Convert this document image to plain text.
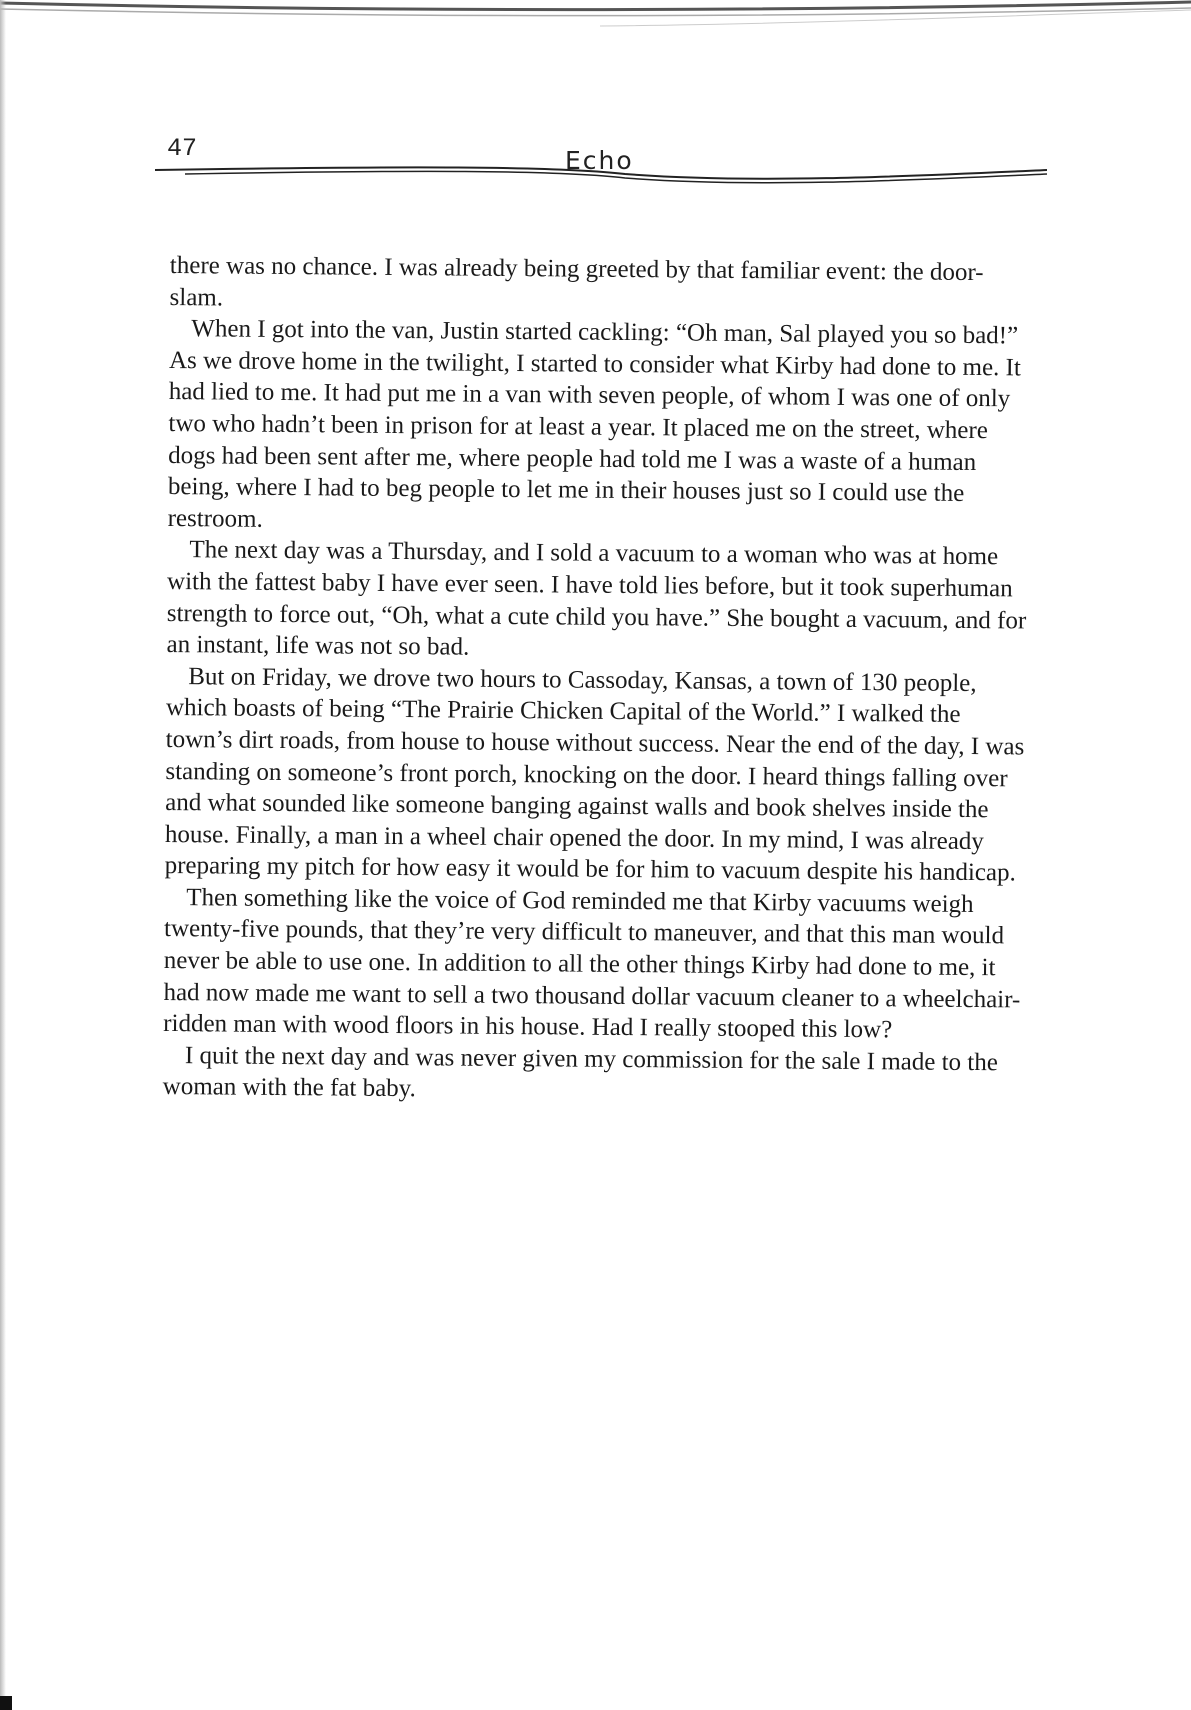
47	Echo

there was no chance. I was already being greeted by that familiar event: the door-slam.

When I got into the van, Justin started cackling: “Oh man, Sal played you so bad!” As we drove home in the twilight, I started to consider what Kirby had done to me. It had lied to me. It had put me in a van with seven people, of whom I was one of only two who hadn’t been in prison for at least a year. It placed me on the street, where dogs had been sent after me, where people had told me I was a waste of a human being, where I had to beg people to let me in their houses just so I could use the restroom.

The next day was a Thursday, and I sold a vacuum to a woman who was at home with the fattest baby I have ever seen. I have told lies before, but it took superhuman strength to force out, “Oh, what a cute child you have.” She bought a vacuum, and for an instant, life was not so bad.

But on Friday, we drove two hours to Cassoday, Kansas, a town of 130 people, which boasts of being “The Prairie Chicken Capital of the World.” I walked the town’s dirt roads, from house to house without success. Near the end of the day, I was standing on someone’s front porch, knocking on the door. I heard things falling over and what sounded like someone banging against walls and book shelves inside the house. Finally, a man in a wheel chair opened the door. In my mind, I was already preparing my pitch for how easy it would be for him to vacuum despite his handicap.

Then something like the voice of God reminded me that Kirby vacuums weigh twenty-five pounds, that they’re very difficult to maneuver, and that this man would never be able to use one. In addition to all the other things Kirby had done to me, it had now made me want to sell a two thousand dollar vacuum cleaner to a wheelchair-ridden man with wood floors in his house. Had I really stooped this low?

I quit the next day and was never given my commission for the sale I made to the woman with the fat baby.
